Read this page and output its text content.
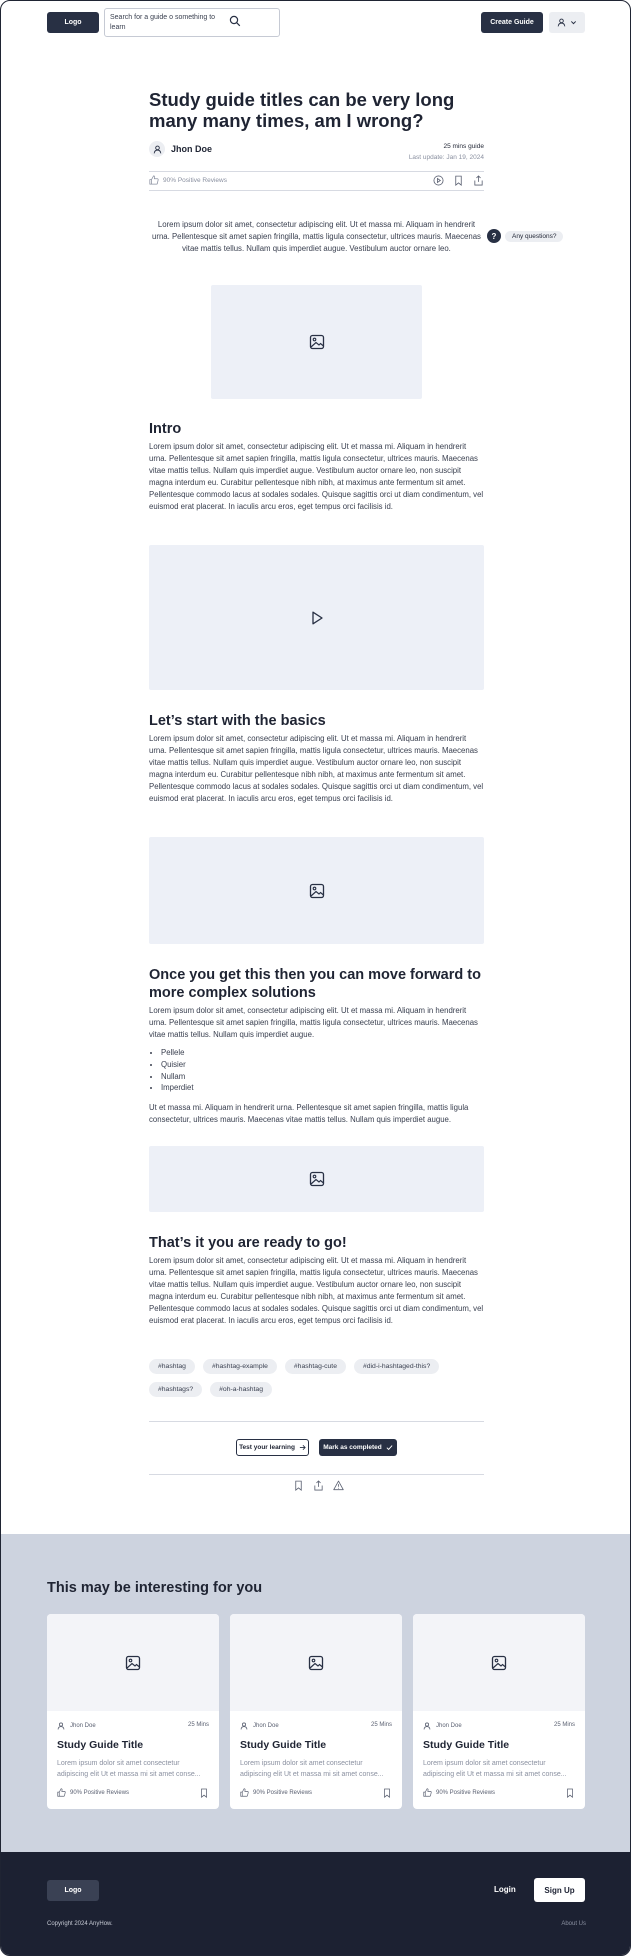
Logo
Search for a guide o something to learn
Create Guide
Study guide titles can be very long many many times, am I wrong?
Jhon Doe	25 mins guide
Last update: Jan 19, 2024
90% Positive Reviews

Lorem ipsum dolor sit amet, consectetur adipiscing elit. Ut et massa mi. Aliquam in hendrerit urna. Pellentesque sit amet sapien fringilla, mattis ligula consectetur, ultrices mauris. Maecenas vitae mattis tellus. Nullam quis imperdiet augue. Vestibulum auctor ornare leo.

?	Any questions?
Intro

Lorem ipsum dolor sit amet, consectetur adipiscing elit. Ut et massa mi. Aliquam in hendrerit urna. Pellentesque sit amet sapien fringilla, mattis ligula consectetur, ultrices mauris. Maecenas vitae mattis tellus. Nullam quis imperdiet augue. Vestibulum auctor ornare leo, non suscipit magna interdum eu. Curabitur pellentesque nibh nibh, at maximus ante fermentum sit amet. Pellentesque commodo lacus at sodales sodales. Quisque sagittis orci ut diam condimentum, vel euismod erat placerat. In iaculis arcu eros, eget tempus orci facilisis id.

Let’s start with the basics

Lorem ipsum dolor sit amet, consectetur adipiscing elit. Ut et massa mi. Aliquam in hendrerit urna. Pellentesque sit amet sapien fringilla, mattis ligula consectetur, ultrices mauris. Maecenas vitae mattis tellus. Nullam quis imperdiet augue. Vestibulum auctor ornare leo, non suscipit magna interdum eu. Curabitur pellentesque nibh nibh, at maximus ante fermentum sit amet. Pellentesque commodo lacus at sodales sodales. Quisque sagittis orci ut diam condimentum, vel euismod erat placerat. In iaculis arcu eros, eget tempus orci facilisis id.

Once you get this then you can move forward to more complex solutions

Lorem ipsum dolor sit amet, consectetur adipiscing elit. Ut et massa mi. Aliquam in hendrerit urna. Pellentesque sit amet sapien fringilla, mattis ligula consectetur, ultrices mauris. Maecenas vitae mattis tellus. Nullam quis imperdiet augue.

• Pellele
• Quisier
• Nullam
• Imperdiet

Ut et massa mi. Aliquam in hendrerit urna. Pellentesque sit amet sapien fringilla, mattis ligula consectetur, ultrices mauris. Maecenas vitae mattis tellus. Nullam quis imperdiet augue.

That’s it you are ready to go!

Lorem ipsum dolor sit amet, consectetur adipiscing elit. Ut et massa mi. Aliquam in hendrerit urna. Pellentesque sit amet sapien fringilla, mattis ligula consectetur, ultrices mauris. Maecenas vitae mattis tellus. Nullam quis imperdiet augue. Vestibulum auctor ornare leo, non suscipit magna interdum eu. Curabitur pellentesque nibh nibh, at maximus ante fermentum sit amet. Pellentesque commodo lacus at sodales sodales. Quisque sagittis orci ut diam condimentum, vel euismod erat placerat. In iaculis arcu eros, eget tempus orci facilisis id.

#hashtag	#hashtag-example	#hashtag-cute	#did-i-hashtaged-this?
#hashtags?	#oh-a-hashtag
Test your learning	Mark as completed
This may be interesting for you
Jhon Doe	25 Mins
Study Guide Title
Lorem ipsum dolor sit amet consectetur adipiscing elit Ut et massa mi sit amet conse...
90% Positive Reviews
Jhon Doe	25 Mins
Study Guide Title
Lorem ipsum dolor sit amet consectetur adipiscing elit Ut et massa mi sit amet conse...
90% Positive Reviews
Jhon Doe	25 Mins
Study Guide Title
Lorem ipsum dolor sit amet consectetur adipiscing elit Ut et massa mi sit amet conse...
90% Positive Reviews
Logo	Login	Sign Up
Copyright 2024 AnyHow.	About Us
